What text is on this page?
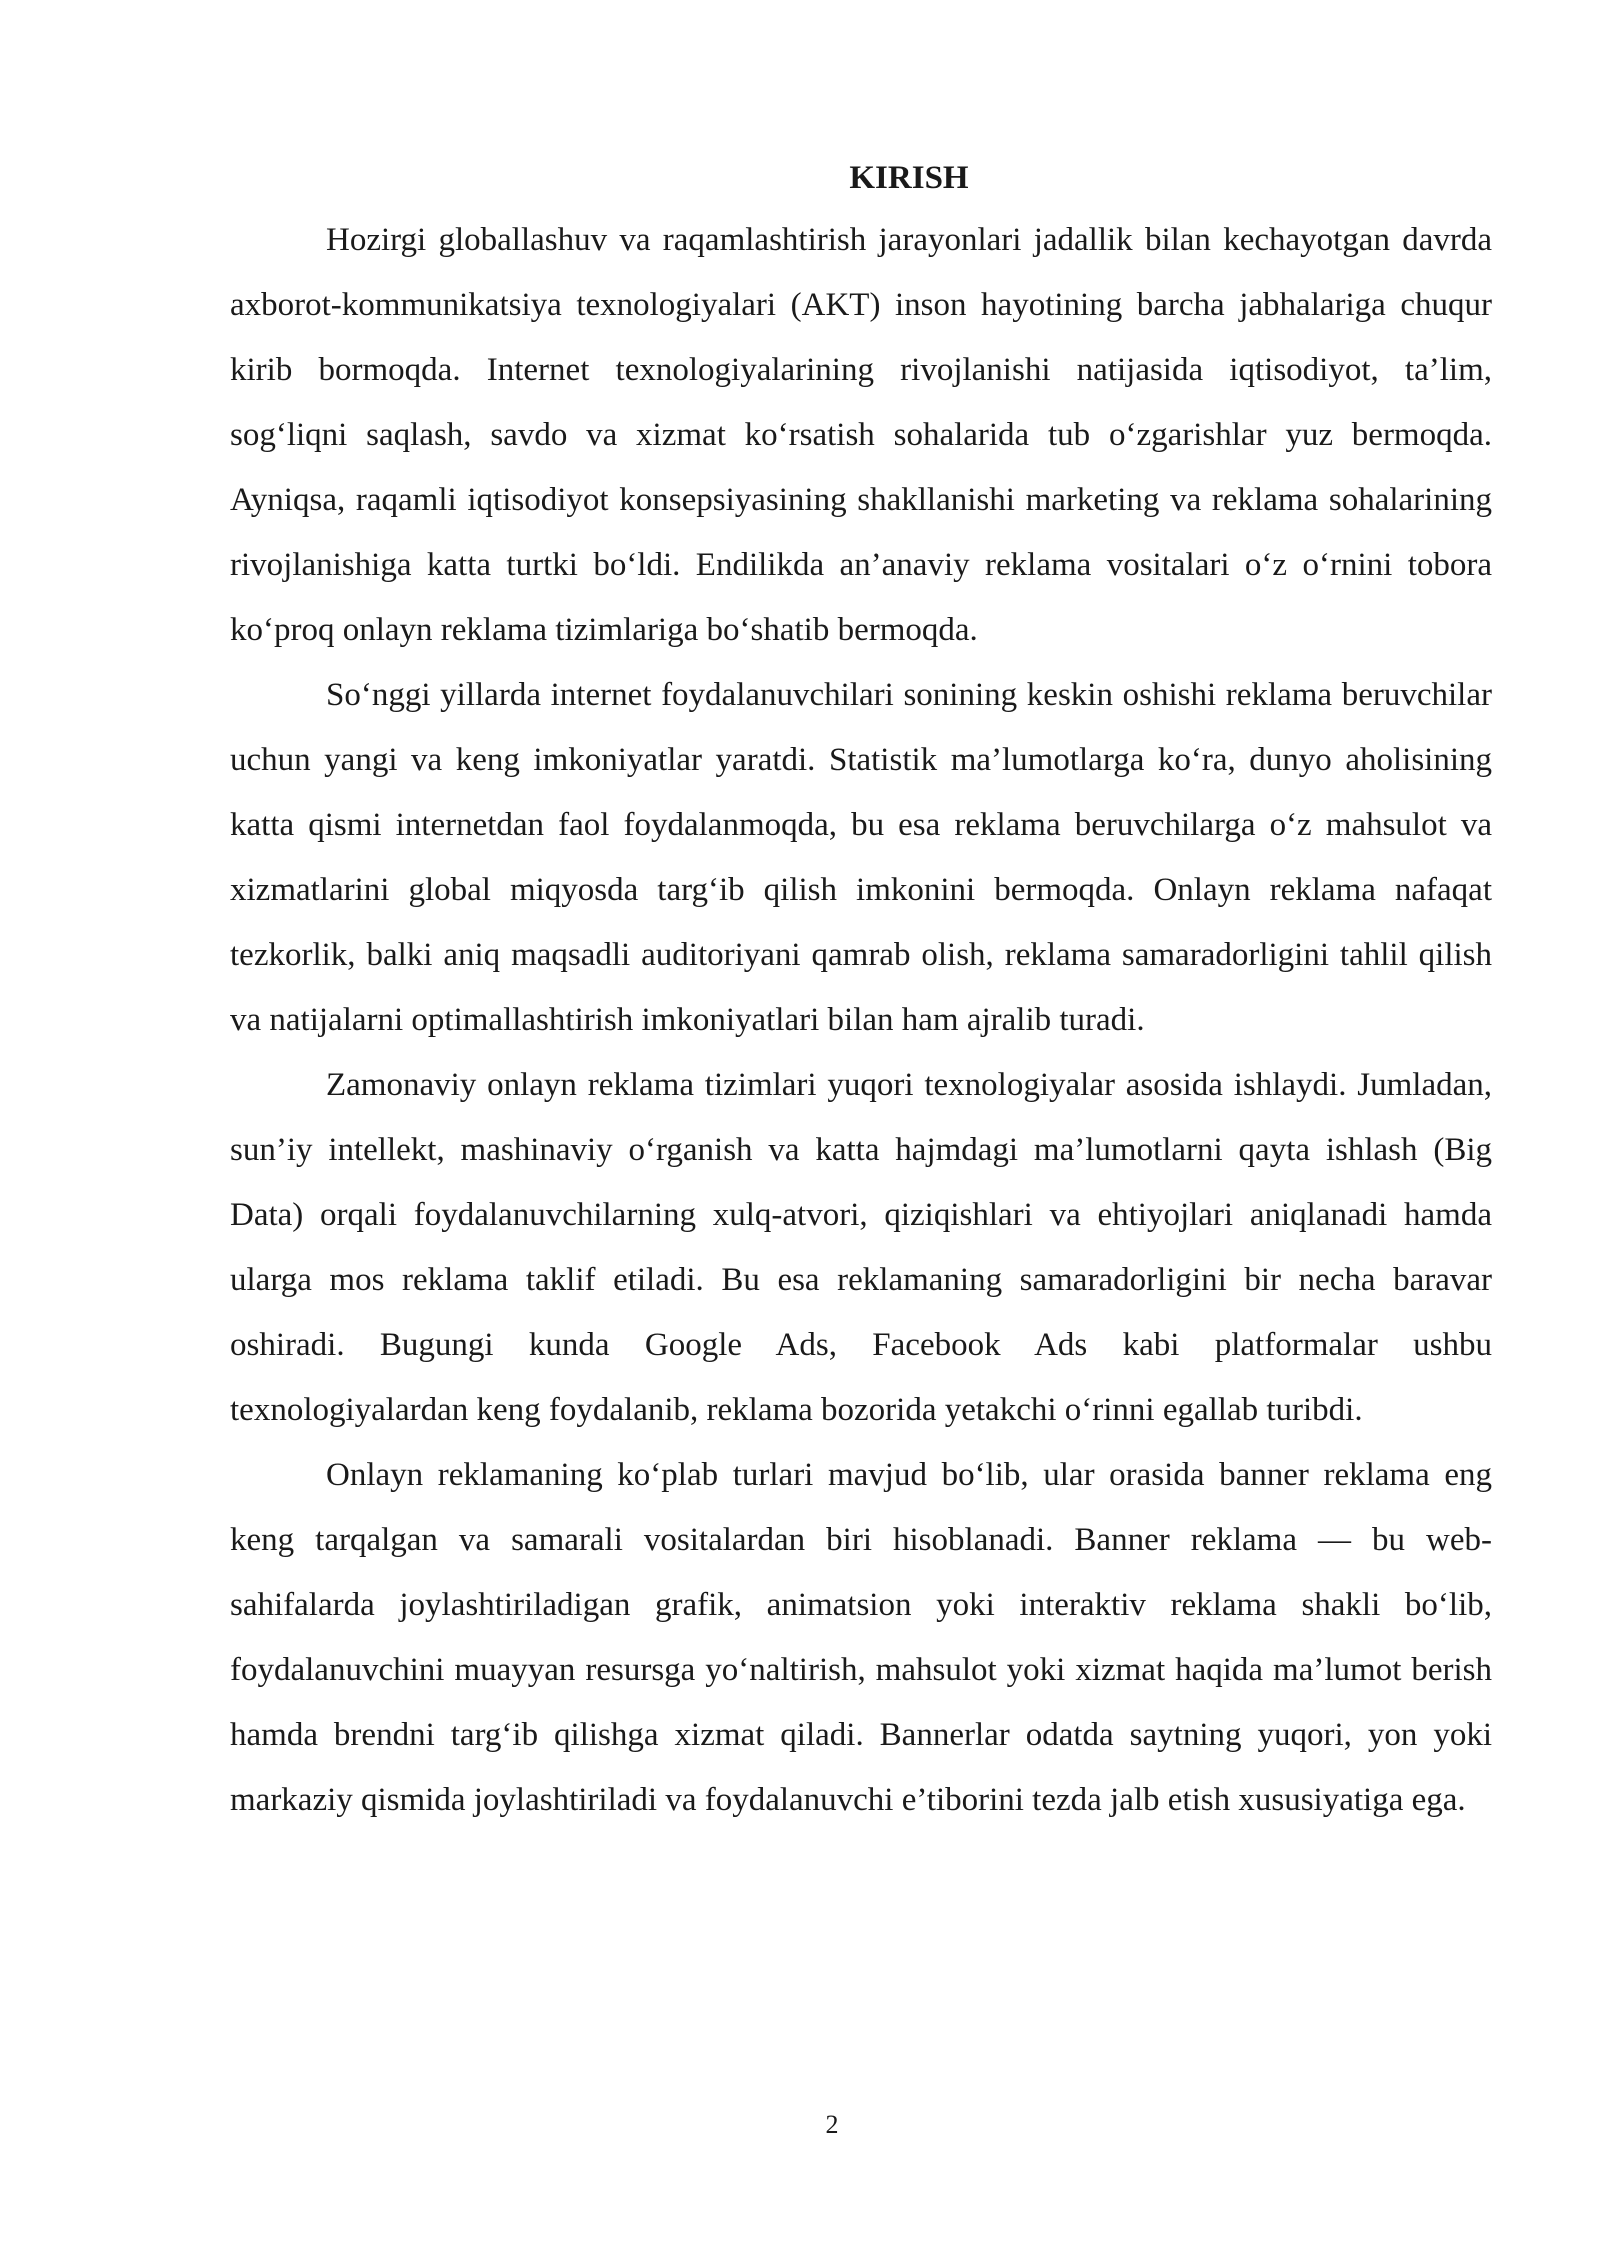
KIRISH

Hozirgi globallashuv va raqamlashtirish jarayonlari jadallik bilan kechayotgan davrda axborot-kommunikatsiya texnologiyalari (AKT) inson hayotining barcha jabhalariga chuqur kirib bormoqda. Internet texnologiyalarining rivojlanishi natijasida iqtisodiyot, ta’lim, sog‘liqni saqlash, savdo va xizmat ko‘rsatish sohalarida tub o‘zgarishlar yuz bermoqda. Ayniqsa, raqamli iqtisodiyot konsepsiyasining shakllanishi marketing va reklama sohalarining rivojlanishiga katta turtki bo‘ldi. Endilikda an’anaviy reklama vositalari o‘z o‘rnini tobora ko‘proq onlayn reklama tizimlariga bo‘shatib bermoqda.

So‘nggi yillarda internet foydalanuvchilari sonining keskin oshishi reklama beruvchilar uchun yangi va keng imkoniyatlar yaratdi. Statistik ma’lumotlarga ko‘ra, dunyo aholisining katta qismi internetdan faol foydalanmoqda, bu esa reklama beruvchilarga o‘z mahsulot va xizmatlarini global miqyosda targ‘ib qilish imkonini bermoqda. Onlayn reklama nafaqat tezkorlik, balki aniq maqsadli auditoriyani qamrab olish, reklama samaradorligini tahlil qilish va natijalarni optimallashtirish imkoniyatlari bilan ham ajralib turadi.

Zamonaviy onlayn reklama tizimlari yuqori texnologiyalar asosida ishlaydi. Jumladan, sun’iy intellekt, mashinaviy o‘rganish va katta hajmdagi ma’lumotlarni qayta ishlash (Big Data) orqali foydalanuvchilarning xulq-atvori, qiziqishlari va ehtiyojlari aniqlanadi hamda ularga mos reklama taklif etiladi. Bu esa reklamaning samaradorligini bir necha baravar oshiradi. Bugungi kunda Google Ads, Facebook Ads kabi platformalar ushbu texnologiyalardan keng foydalanib, reklama bozorida yetakchi o‘rinni egallab turibdi.

Onlayn reklamaning ko‘plab turlari mavjud bo‘lib, ular orasida banner reklama eng keng tarqalgan va samarali vositalardan biri hisoblanadi. Banner reklama — bu web-sahifalarda joylashtiriladigan grafik, animatsion yoki interaktiv reklama shakli bo‘lib, foydalanuvchini muayyan resursga yo‘naltirish, mahsulot yoki xizmat haqida ma’lumot berish hamda brendni targ‘ib qilishga xizmat qiladi. Bannerlar odatda saytning yuqori, yon yoki markaziy qismida joylashtiriladi va foydalanuvchi e’tiborini tezda jalb etish xususiyatiga ega.

2
